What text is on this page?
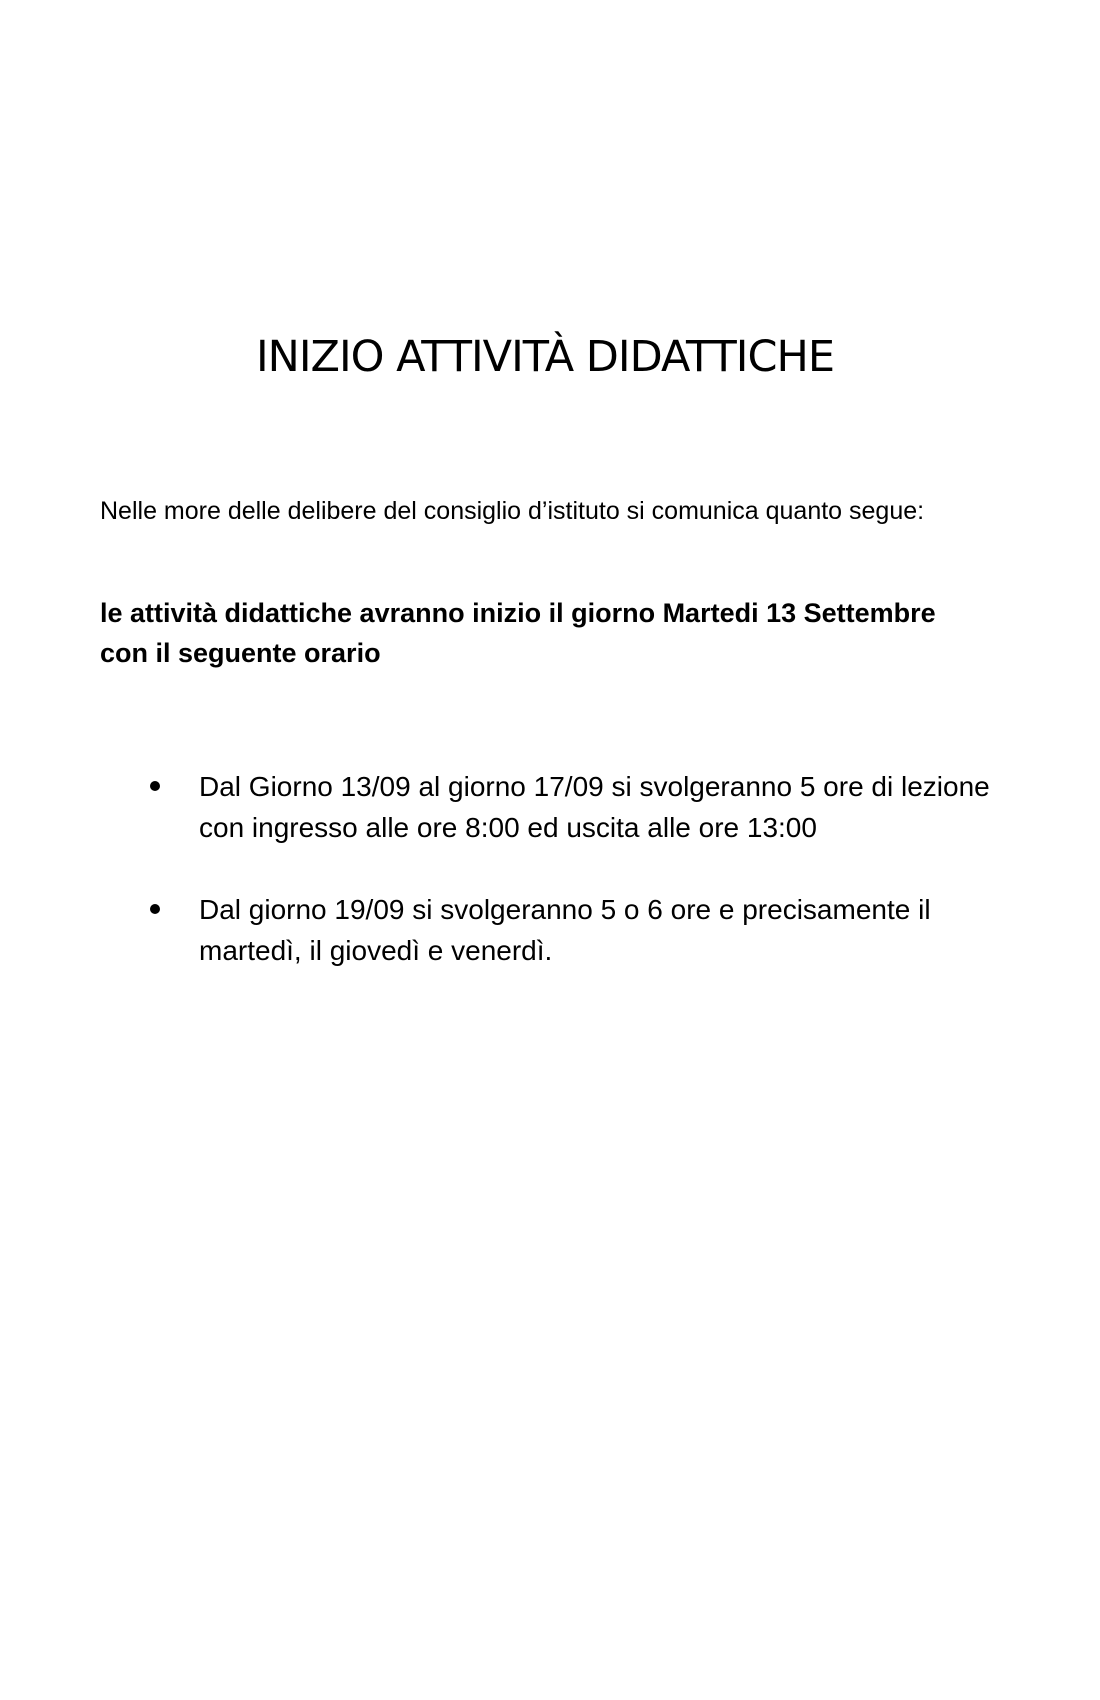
INIZIO ATTIVITÀ DIDATTICHE

Nelle more delle delibere del consiglio d’istituto si comunica quanto segue:

le attività didattiche avranno inizio il giorno Martedi 13 Settembre con il seguente orario

Dal Giorno 13/09 al giorno 17/09 si svolgeranno 5 ore di lezione con ingresso alle ore 8:00 ed uscita alle ore 13:00
Dal giorno 19/09 si svolgeranno 5 o 6 ore e precisamente il martedì, il giovedì e venerdì.
